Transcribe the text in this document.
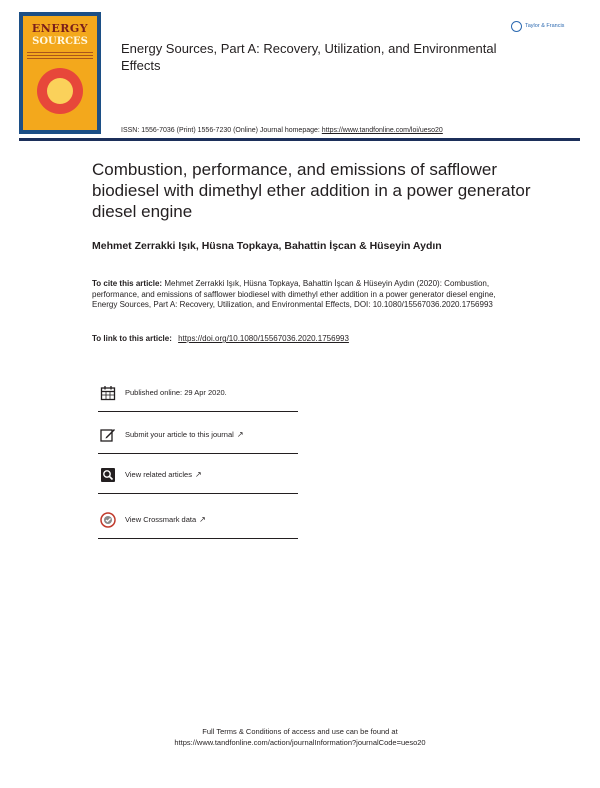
ENERGY
SOURCES	Energy Sources, Part A: Recovery, Utilization, and Environmental Effects
Taylor & Francis
ISSN: 1556-7036 (Print) 1556-7230 (Online) Journal homepage: https://www.tandfonline.com/loi/ueso20
Combustion, performance, and emissions of safflower biodiesel with dimethyl ether addition in a power generator diesel engine
Mehmet Zerrakki Işık, Hüsna Topkaya, Bahattin İşcan & Hüseyin Aydın
To cite this article: Mehmet Zerrakki Işık, Hüsna Topkaya, Bahattin İşcan & Hüseyin Aydın (2020): Combustion, performance, and emissions of safflower biodiesel with dimethyl ether addition in a power generator diesel engine, Energy Sources, Part A: Recovery, Utilization, and Environmental Effects, DOI: 10.1080/15567036.2020.1756993
To link to this article: https://doi.org/10.1080/15567036.2020.1756993
Published online: 29 Apr 2020.
Submit your article to this journal ↗
View related articles ↗
View Crossmark data ↗
Full Terms & Conditions of access and use can be found at
https://www.tandfonline.com/action/journalInformation?journalCode=ueso20
